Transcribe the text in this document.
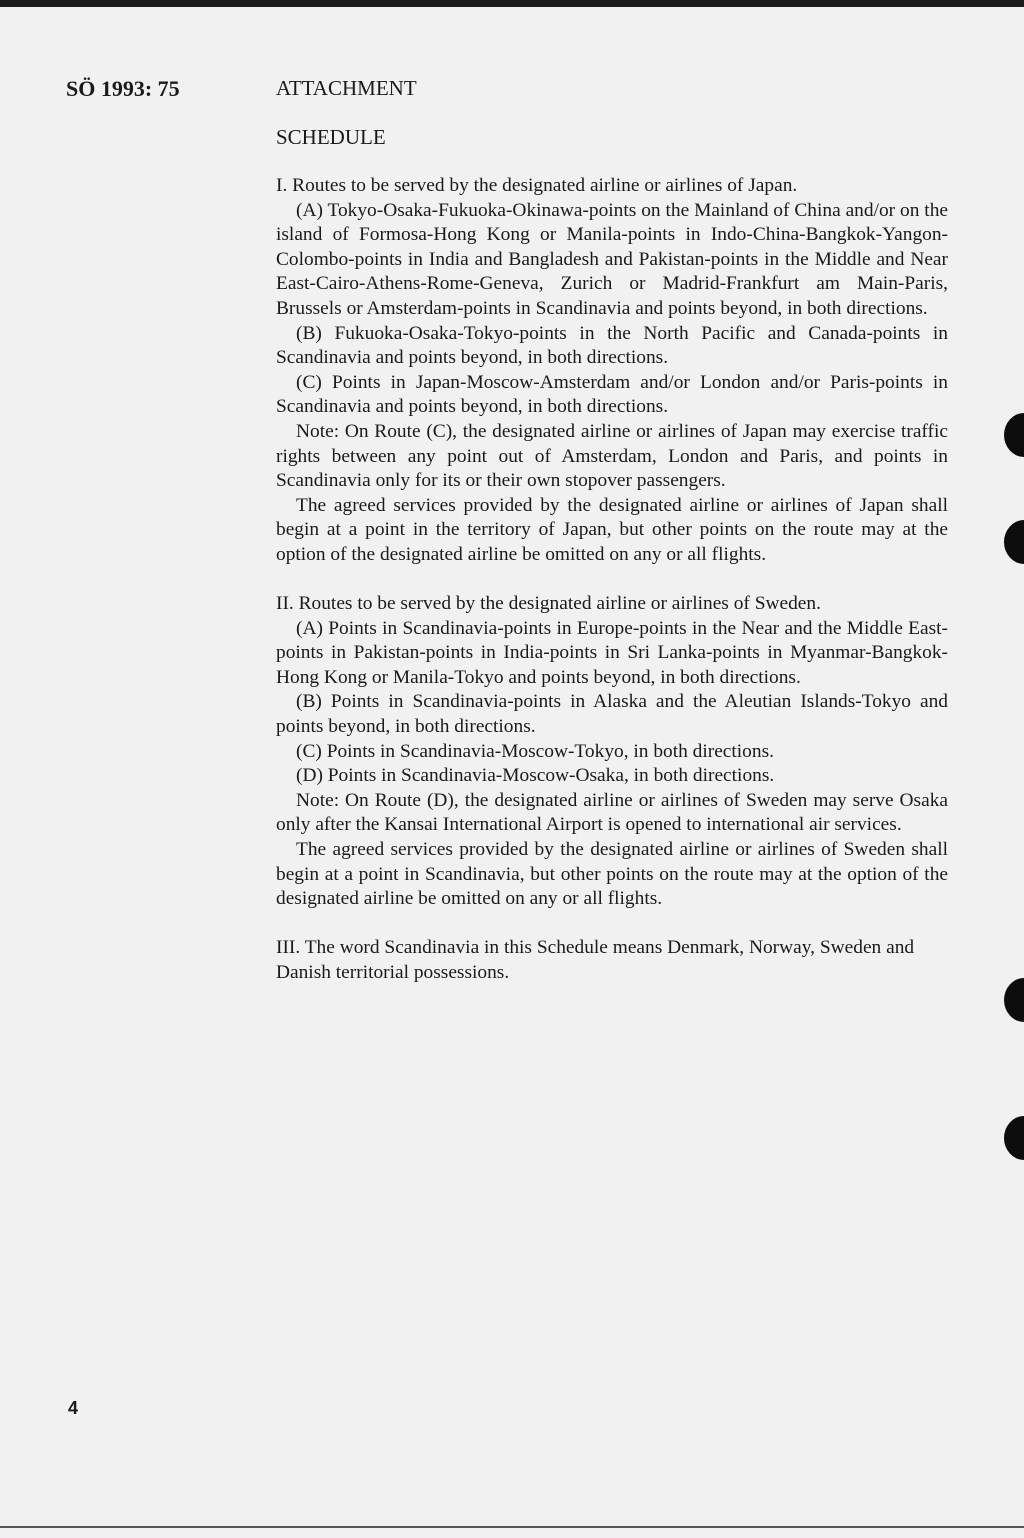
SÖ 1993: 75	ATTACHMENT
SCHEDULE

I. Routes to be served by the designated airline or airlines of Japan.

(A) Tokyo-Osaka-Fukuoka-Okinawa-points on the Mainland of China and/or on the island of Formosa-Hong Kong or Manila-points in Indo-China-Bangkok-Yangon-Colombo-points in India and Bangladesh and Pakistan-points in the Middle and Near East-Cairo-Athens-Rome-Geneva, Zurich or Madrid-Frankfurt am Main-Paris, Brussels or Amsterdam-points in Scandinavia and points beyond, in both directions.

(B) Fukuoka-Osaka-Tokyo-points in the North Pacific and Canada-points in Scandinavia and points beyond, in both directions.

(C) Points in Japan-Moscow-Amsterdam and/or London and/or Paris-points in Scandinavia and points beyond, in both directions.

Note: On Route (C), the designated airline or airlines of Japan may exercise traffic rights between any point out of Amsterdam, London and Paris, and points in Scandinavia only for its or their own stopover passengers.

The agreed services provided by the designated airline or airlines of Japan shall begin at a point in the territory of Japan, but other points on the route may at the option of the designated airline be omitted on any or all flights.

II. Routes to be served by the designated airline or airlines of Sweden.

(A) Points in Scandinavia-points in Europe-points in the Near and the Middle East-points in Pakistan-points in India-points in Sri Lanka-points in Myanmar-Bangkok-Hong Kong or Manila-Tokyo and points beyond, in both directions.

(B) Points in Scandinavia-points in Alaska and the Aleutian Islands-Tokyo and points beyond, in both directions.

(C) Points in Scandinavia-Moscow-Tokyo, in both directions.

(D) Points in Scandinavia-Moscow-Osaka, in both directions.

Note: On Route (D), the designated airline or airlines of Sweden may serve Osaka only after the Kansai International Airport is opened to international air services.

The agreed services provided by the designated airline or airlines of Sweden shall begin at a point in Scandinavia, but other points on the route may at the option of the designated airline be omitted on any or all flights.

III. The word Scandinavia in this Schedule means Denmark, Norway, Sweden and Danish territorial possessions.

4
